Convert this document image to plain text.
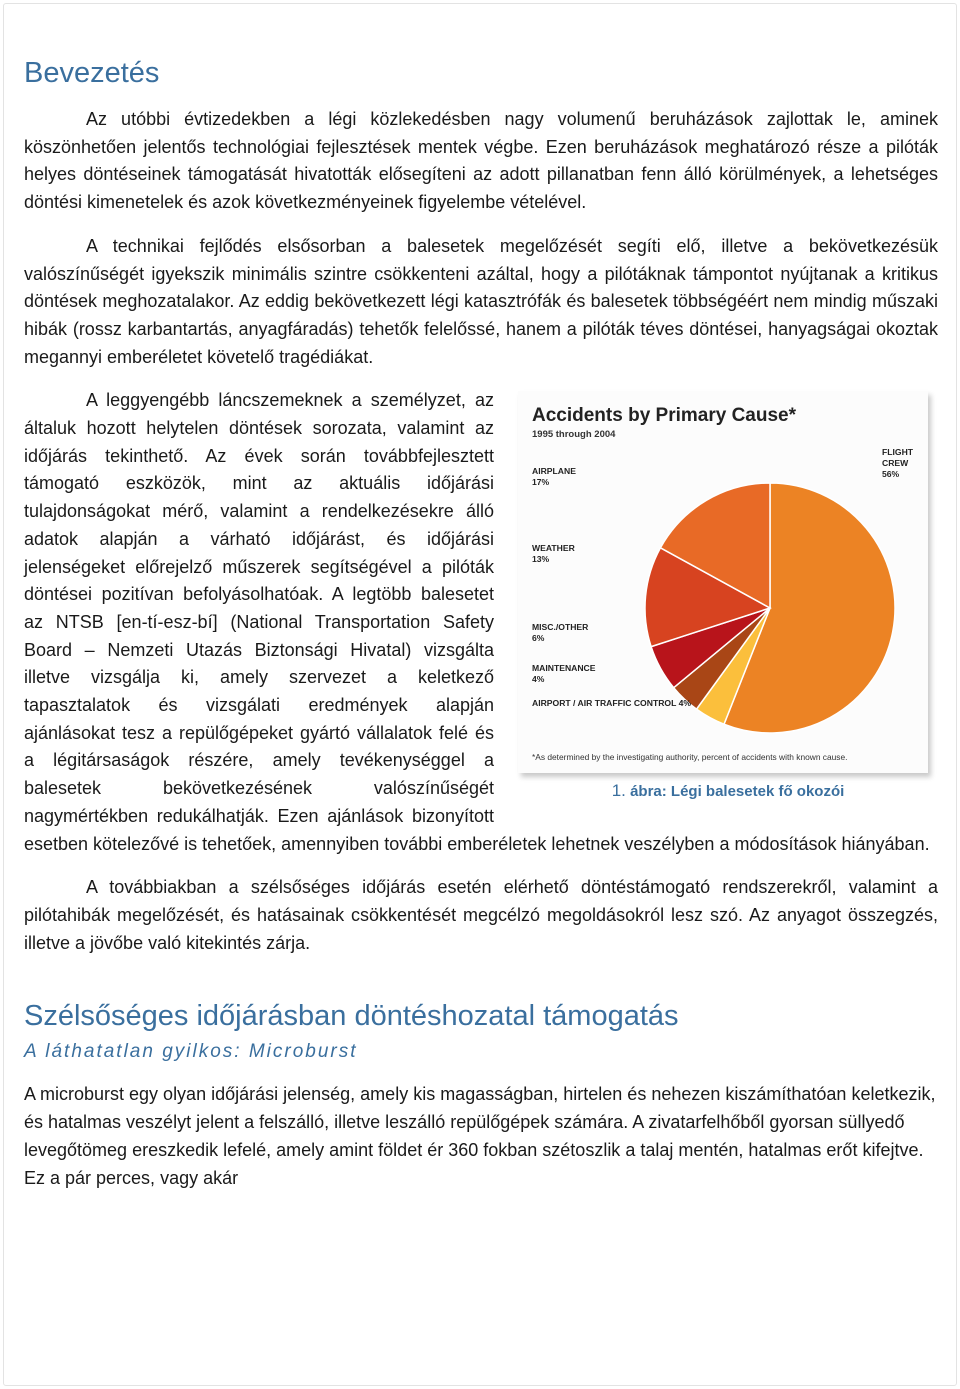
Bevezetés

Az utóbbi évtizedekben a légi közlekedésben nagy volumenű beruházások zajlottak le, aminek köszönhetően jelentős technológiai fejlesztések mentek végbe. Ezen beruházások meghatározó része a pilóták helyes döntéseinek támogatását hivatották elősegíteni az adott pillanatban fenn álló körülmények, a lehetséges döntési kimenetelek és azok következményeinek figyelembe vételével.

A technikai fejlődés elsősorban a balesetek megelőzését segíti elő, illetve a bekövetkezésük valószínűségét igyekszik minimális szintre csökkenteni azáltal, hogy a pilótáknak támpontot nyújtanak a kritikus döntések meghozatalakor. Az eddig bekövetkezett légi katasztrófák és balesetek többségéért nem mindig műszaki hibák (rossz karbantartás, anyagfáradás) tehetők felelőssé, hanem a pilóták téves döntései, hanyagságai okoztak megannyi emberéletet követelő tragédiákat.

Accidents by Primary Cause*
1995 through 2004
FLIGHT CREW 56%
AIRPORT / AIR TRAFFIC CONTROL 4%
MAINTENANCE 4%
MISC./OTHER 6%
WEATHER 13%
AIRPLANE 17%
*As determined by the investigating authority, percent of accidents with known cause.
1. ábra: Légi balesetek fő okozói

A leggyengébb láncszemeknek a személyzet, az általuk hozott helytelen döntések sorozata, valamint az időjárás tekinthető. Az évek során továbbfejlesztett támogató eszközök, mint az aktuális időjárási tulajdonságokat mérő, valamint a rendelkezésekre álló adatok alapján a várható időjárást, és időjárási jelenségeket előrejelző műszerek segítségével a pilóták döntései pozitívan befolyásolhatóak. A legtöbb balesetet az NTSB [en-tí-esz-bí] (National Transportation Safety Board – Nemzeti Utazás Biztonsági Hivatal) vizsgálta illetve vizsgálja ki, amely szervezet a keletkező tapasztalatok és vizsgálati eredmények alapján ajánlásokat tesz a repülőgépeket gyártó vállalatok felé és a légitársaságok részére, amely tevékenységgel a balesetek bekövetkezésének valószínűségét nagymértékben redukálhatják. Ezen ajánlások bizonyított esetben kötelezővé is tehetőek, amennyiben további emberéletek lehetnek veszélyben a módosítások hiányában.

A továbbiakban a szélsőséges időjárás esetén elérhető döntéstámogató rendszerekről, valamint a pilótahibák megelőzését, és hatásainak csökkentését megcélzó megoldásokról lesz szó. Az anyagot összegzés, illetve a jövőbe való kitekintés zárja.

Szélsőséges időjárásban döntéshozatal támogatás
A láthatatlan gyilkos: Microburst

A microburst egy olyan időjárási jelenség, amely kis magasságban, hirtelen és nehezen kiszámíthatóan keletkezik, és hatalmas veszélyt jelent a felszálló, illetve leszálló repülőgépek számára. A zivatarfelhőből gyorsan süllyedő levegőtömeg ereszkedik lefelé, amely amint földet ér 360 fokban szétoszlik a talaj mentén, hatalmas erőt kifejtve. Ez a pár perces, vagy akár
